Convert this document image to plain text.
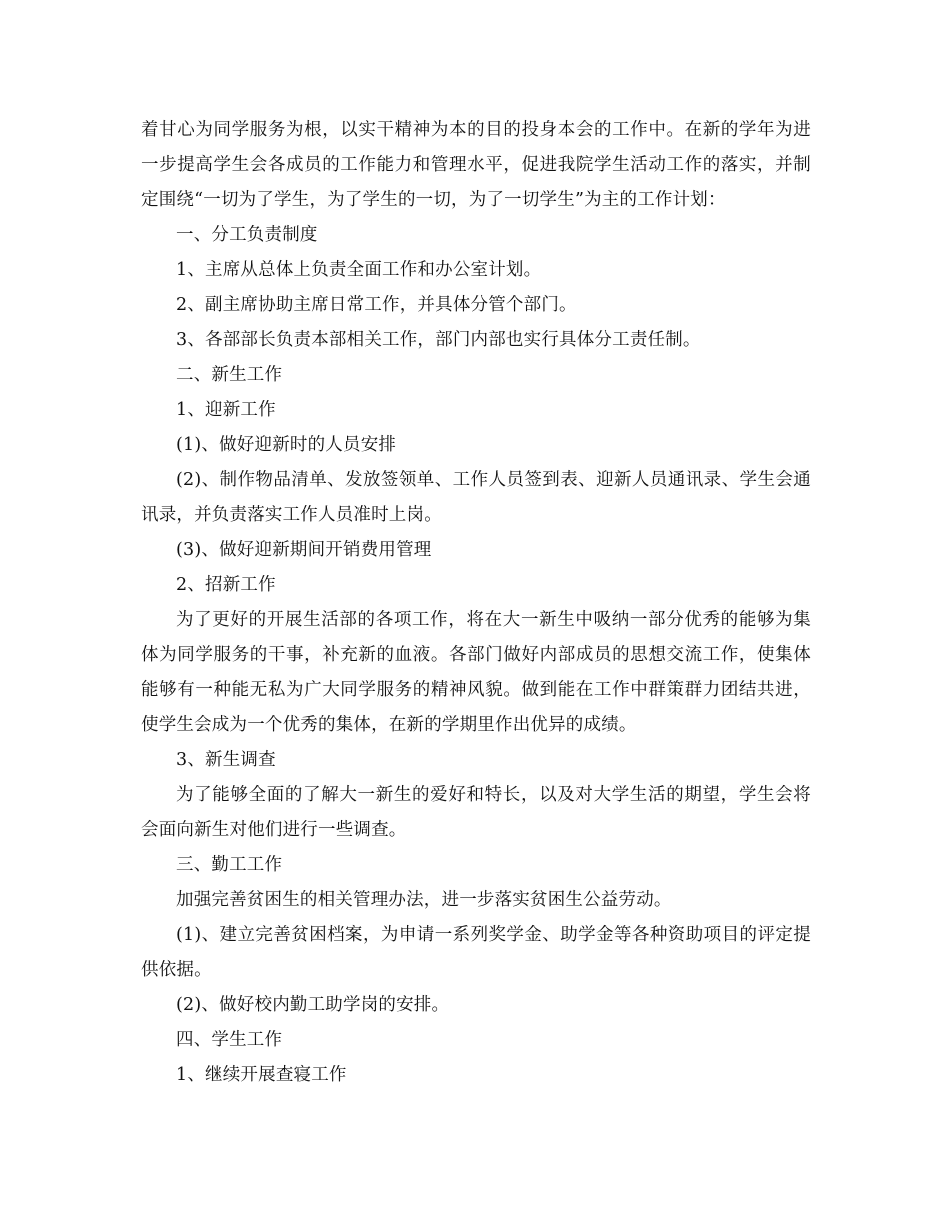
着甘心为同学服务为根，以实干精神为本的目的投身本会的工作中。在新的学年为进一步提高学生会各成员的工作能力和管理水平，促进我院学生活动工作的落实，并制定围绕“一切为了学生，为了学生的一切，为了一切学生”为主的工作计划：

一、分工负责制度

1、主席从总体上负责全面工作和办公室计划。

2、副主席协助主席日常工作，并具体分管个部门。

3、各部部长负责本部相关工作，部门内部也实行具体分工责任制。

二、新生工作

1、迎新工作

(1)、做好迎新时的人员安排

(2)、制作物品清单、发放签领单、工作人员签到表、迎新人员通讯录、学生会通讯录，并负责落实工作人员准时上岗。

(3)、做好迎新期间开销费用管理

2、招新工作

为了更好的开展生活部的各项工作，将在大一新生中吸纳一部分优秀的能够为集体为同学服务的干事，补充新的血液。各部门做好内部成员的思想交流工作，使集体能够有一种能无私为广大同学服务的精神风貌。做到能在工作中群策群力团结共进，使学生会成为一个优秀的集体，在新的学期里作出优异的成绩。

3、新生调查

为了能够全面的了解大一新生的爱好和特长，以及对大学生活的期望，学生会将会面向新生对他们进行一些调查。

三、勤工工作

加强完善贫困生的相关管理办法，进一步落实贫困生公益劳动。

(1)、建立完善贫困档案，为申请一系列奖学金、助学金等各种资助项目的评定提供依据。

(2)、做好校内勤工助学岗的安排。

四、学生工作

1、继续开展查寝工作
